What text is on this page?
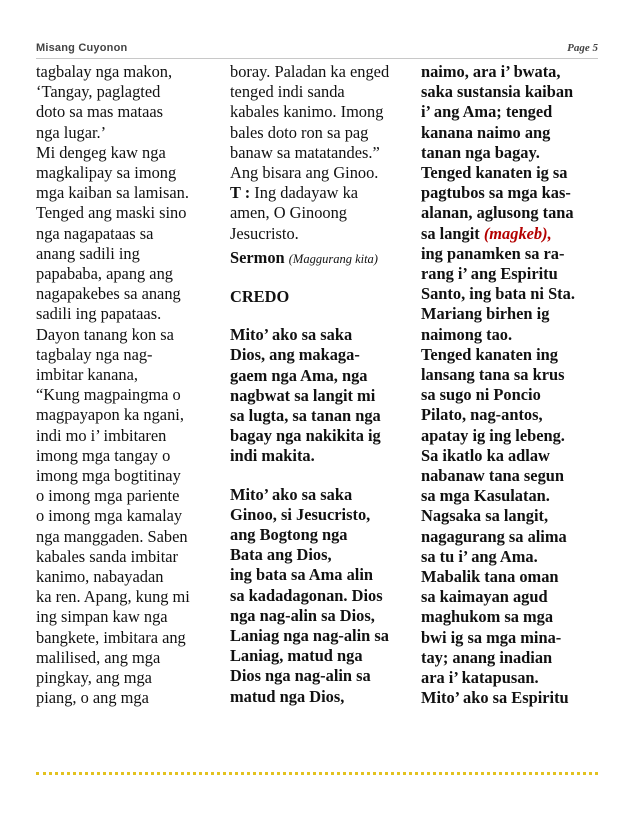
Misang Cuyonon	Page 5
tagbalay nga makon,
‘Tangay, paglagted
doto sa mas mataas
nga lugar.’
Mi dengeg kaw nga
magkalipay sa imong
mga kaiban sa lamisan.
Tenged ang maski sino
nga nagapataas sa
anang sadili ing
papababa, apang ang
nagapakebes sa anang
sadili ing papataas.
Dayon tanang kon sa
tagbalay nga nag-
imbitar kanana,
“Kung magpaingma o
magpayapon ka ngani,
indi mo i’ imbitaren
imong mga tangay o
imong mga bogtitinay
o imong mga pariente
o imong mga kamalay
nga manggaden. Saben
kabales sanda imbitar
kanimo, nabayadan
ka ren. Apang, kung mi
ing simpan kaw nga
bangkete, imbitara ang
malilised, ang mga
pingkay, ang mga
piang, o ang mga
boray. Paladan ka enged
tenged indi sanda
kabales kanimo. Imong
bales doto ron sa pag
banaw sa matatandes.”
Ang bisara ang Ginoo.
T : Ing dadayaw ka
amen, O Ginoong
Jesucristo.
Sermon (Maggurang kita)
CREDO
Mito’ ako sa saka
Dios, ang makaga-
gaem nga Ama, nga
nagbwat sa langit mi
sa lugta, sa tanan nga
bagay nga nakikita ig
indi makita.
Mito’ ako sa saka
Ginoo, si Jesucristo,
ang Bogtong nga
Bata ang Dios,
ing bata sa Ama alin
sa kadadagonan. Dios
nga nag-alin sa Dios,
Laniag nga nag-alin sa
Laniag, matud nga
Dios nga nag-alin sa
matud nga Dios,
naimo, ara i’ bwata,
saka sustansia kaiban
i’ ang Ama; tenged
kanana naimo ang
tanan nga bagay.
Tenged kanaten ig sa
pagtubos sa mga kas-
alanan, aglusong tana
sa langit (magkeb),
ing panamken sa ra-
rang i’ ang Espiritu
Santo, ing bata ni Sta.
Mariang birhen ig
naimong tao.
Tenged kanaten ing
lansang tana sa krus
sa sugo ni Poncio
Pilato, nag-antos,
apatay ig ing lebeng.
Sa ikatlo ka adlaw
nabanaw tana segun
sa mga Kasulatan.
Nagsaka sa langit,
nagagurang sa alima
sa tu i’ ang Ama.
Mabalik tana oman
sa kaimayan agud
maghukom sa mga
bwi ig sa mga mina-
tay; anang inadian
ara i’ katapusan.
Mito’ ako sa Espiritu
